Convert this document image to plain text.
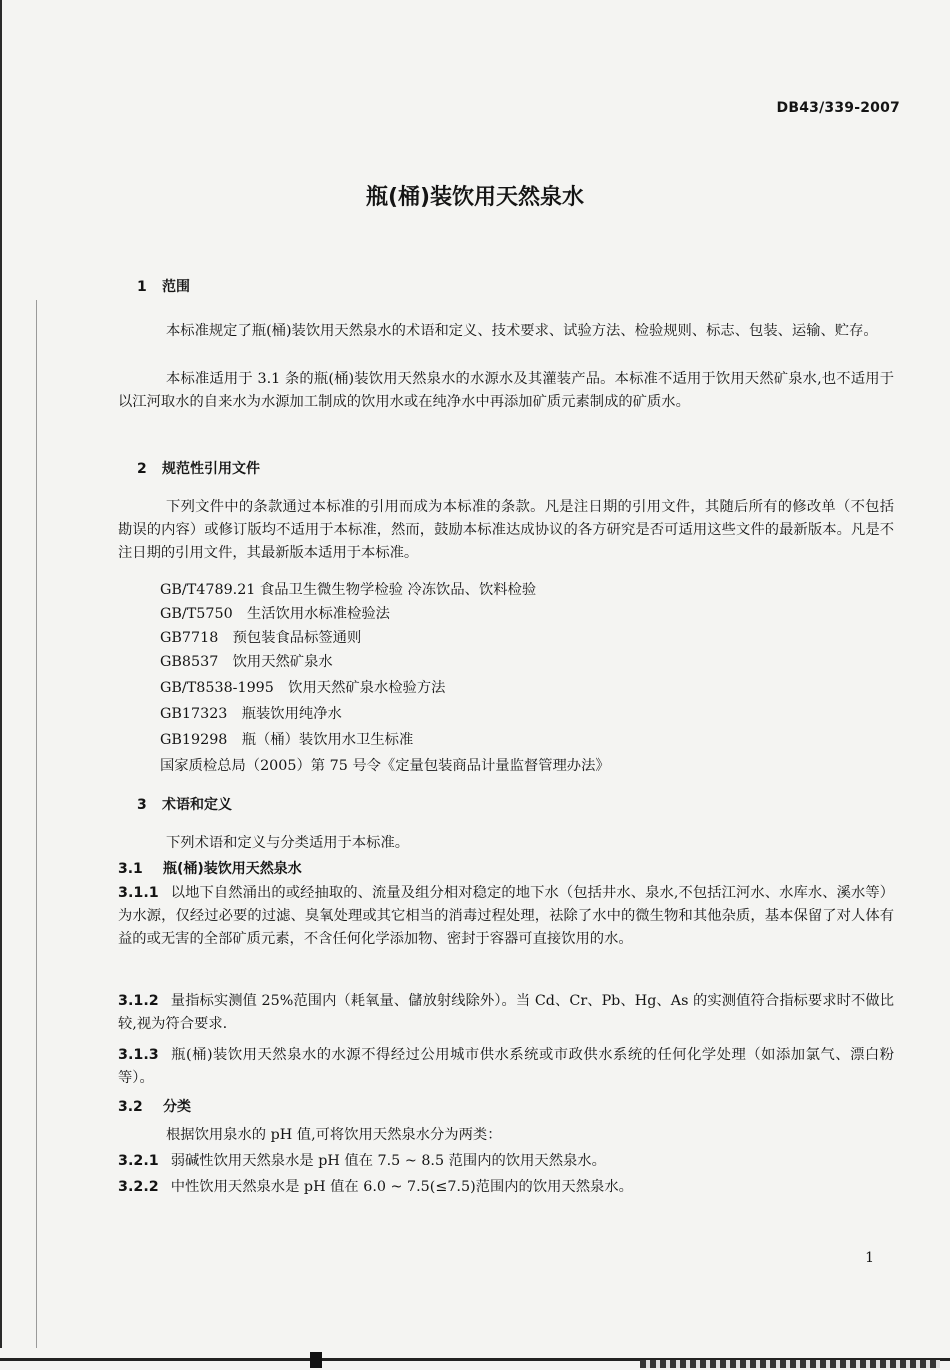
DB43/339-2007
瓶(桶)装饮用天然泉水
1 范围
本标准规定了瓶(桶)装饮用天然泉水的术语和定义、技术要求、试验方法、检验规则、标志、包装、运输、贮存。
本标准适用于 3.1 条的瓶(桶)装饮用天然泉水的水源水及其灌装产品。本标准不适用于饮用天然矿泉水,也不适用于以江河取水的自来水为水源加工制成的饮用水或在纯净水中再添加矿质元素制成的矿质水。
2 规范性引用文件
下列文件中的条款通过本标准的引用而成为本标准的条款。凡是注日期的引用文件，其随后所有的修改单（不包括勘误的内容）或修订版均不适用于本标准，然而，鼓励本标准达成协议的各方研究是否可适用这些文件的最新版本。凡是不注日期的引用文件，其最新版本适用于本标准。
GB/T4789.21 食品卫生微生物学检验 冷冻饮品、饮料检验
GB/T5750　生活饮用水标准检验法
GB7718　预包装食品标签通则
GB8537　饮用天然矿泉水
GB/T8538-1995　饮用天然矿泉水检验方法
GB17323　瓶装饮用纯净水
GB19298　瓶（桶）装饮用水卫生标准
国家质检总局（2005）第 75 号令《定量包装商品计量监督管理办法》
3 术语和定义
下列术语和定义与分类适用于本标准。
3.1 瓶(桶)装饮用天然泉水
3.1.1 以地下自然涌出的或经抽取的、流量及组分相对稳定的地下水（包括井水、泉水,不包括江河水、水库水、溪水等）为水源，仅经过必要的过滤、臭氧处理或其它相当的消毒过程处理，祛除了水中的微生物和其他杂质，基本保留了对人体有益的或无害的全部矿质元素，不含任何化学添加物、密封于容器可直接饮用的水。
3.1.2 量指标实测值 25%范围内（耗氧量、儲放射线除外）。当 Cd、Cr、Pb、Hg、As 的实测值符合指标要求时不做比较,视为符合要求.
3.1.3 瓶(桶)装饮用天然泉水的水源不得经过公用城市供水系统或市政供水系统的任何化学处理（如添加氯气、漂白粉等）。
3.2 分类
根据饮用泉水的 pH 值,可将饮用天然泉水分为两类：
3.2.1 弱碱性饮用天然泉水是 pH 值在 7.5 ~ 8.5 范围内的饮用天然泉水。
3.2.2 中性饮用天然泉水是 pH 值在 6.0 ~ 7.5(≤7.5)范围内的饮用天然泉水。
1
